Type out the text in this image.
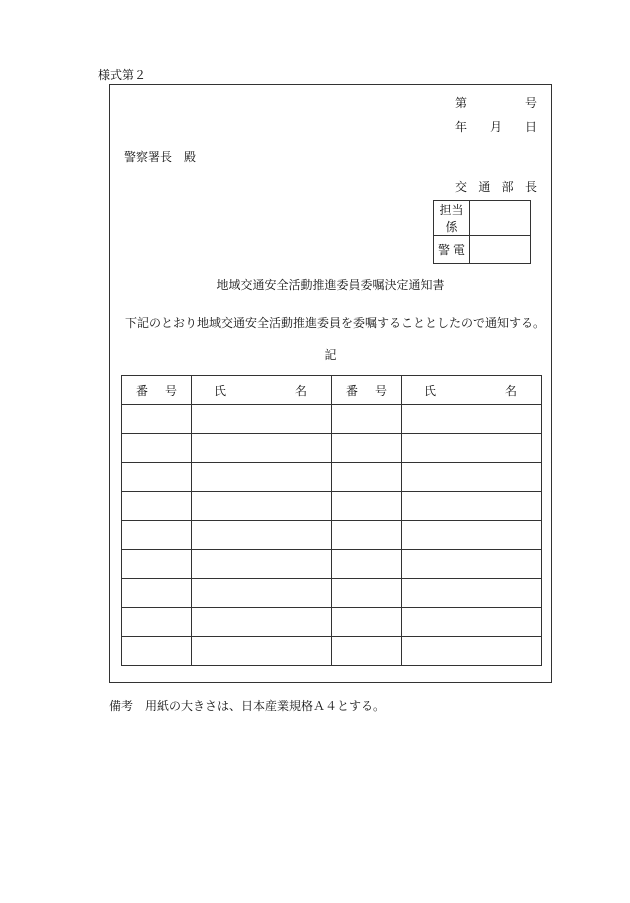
様式第２
第	号
年 月 日
警察署長　殿
交 通 部 長
担当係	

警 電	

地域交通安全活動推進委員委嘱決定通知書
下記のとおり地域交通安全活動推進委員を委嘱することとしたので通知する。
記
番 号	氏 名	番 号	氏 名

備考　用紙の大きさは、日本産業規格Ａ４とする。
